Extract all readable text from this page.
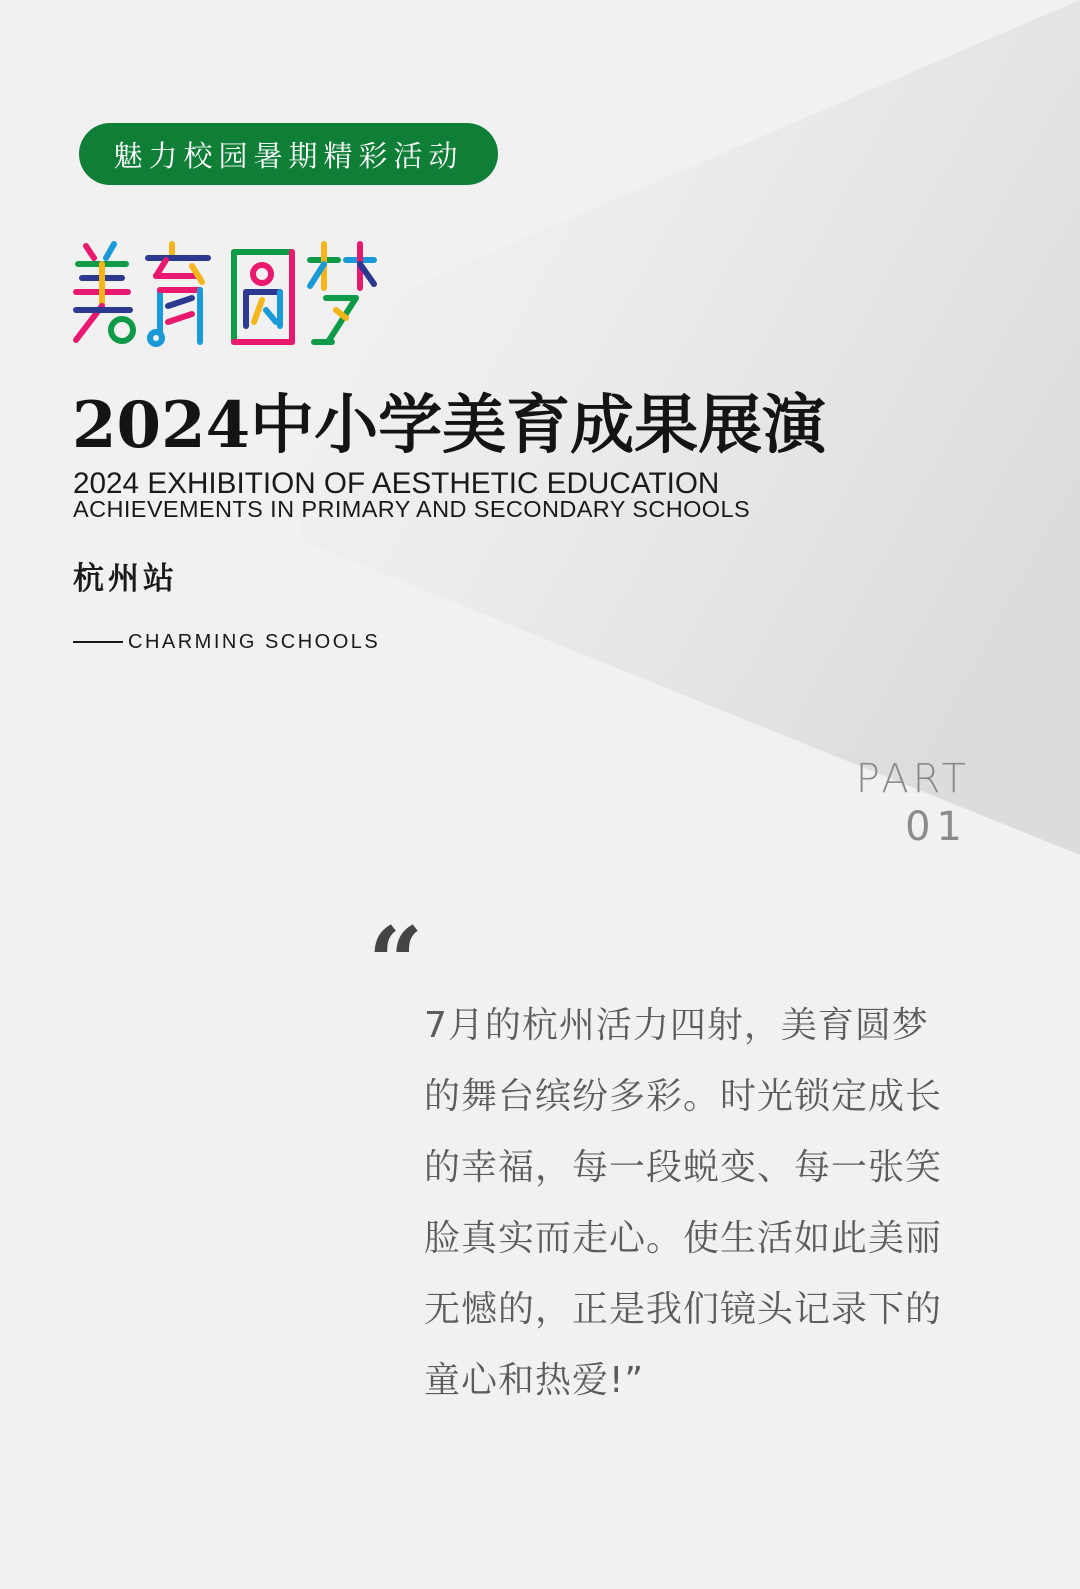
魅力校园暑期精彩活动
2024中小学美育成果展演
2024 EXHIBITION OF AESTHETIC EDUCATION
ACHIEVEMENTS IN PRIMARY AND SECONDARY SCHOOLS
杭州站
CHARMING SCHOOLS
PART
01
“
7月的杭州活力四射，美育圆梦
的舞台缤纷多彩。时光锁定成长
的幸福，每一段蜕变、每一张笑
脸真实而走心。使生活如此美丽
无憾的，正是我们镜头记录下的
童心和热爱!”
